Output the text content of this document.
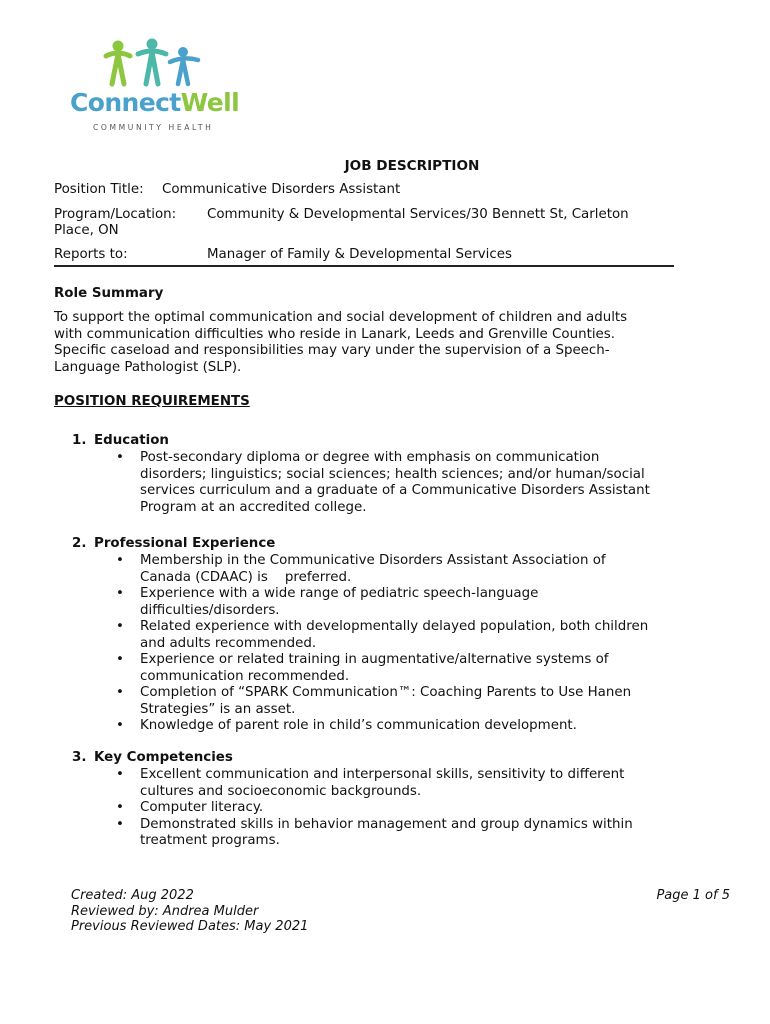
ConnectWell
COMMUNITY HEALTH
JOB DESCRIPTION
Position Title: Communicative Disorders Assistant
Program/Location: Community & Developmental Services/30 Bennett St, Carleton
Place, ON
Reports to:	Manager of Family & Developmental Services
Role Summary
To support the optimal communication and social development of children and adults
with communication difficulties who reside in Lanark, Leeds and Grenville Counties.
Specific caseload and responsibilities may vary under the supervision of a Speech-
Language Pathologist (SLP).
POSITION REQUIREMENTS
1. Education
• Post-secondary diploma or degree with emphasis on communication
disorders; linguistics; social sciences; health sciences; and/or human/social
services curriculum and a graduate of a Communicative Disorders Assistant
Program at an accredited college.
2. Professional Experience
• Membership in the Communicative Disorders Assistant Association of
Canada (CDAAC) is    preferred.
• Experience with a wide range of pediatric speech-language
difficulties/disorders.
• Related experience with developmentally delayed population, both children
and adults recommended.
• Experience or related training in augmentative/alternative systems of
communication recommended.
• Completion of “SPARK Communication™: Coaching Parents to Use Hanen
Strategies” is an asset.
• Knowledge of parent role in child’s communication development.
3. Key Competencies
• Excellent communication and interpersonal skills, sensitivity to different
cultures and socioeconomic backgrounds.
• Computer literacy.
• Demonstrated skills in behavior management and group dynamics within
treatment programs.
Created: Aug 2022
Reviewed by: Andrea Mulder
Previous Reviewed Dates: May 2021
Page 1 of 5
